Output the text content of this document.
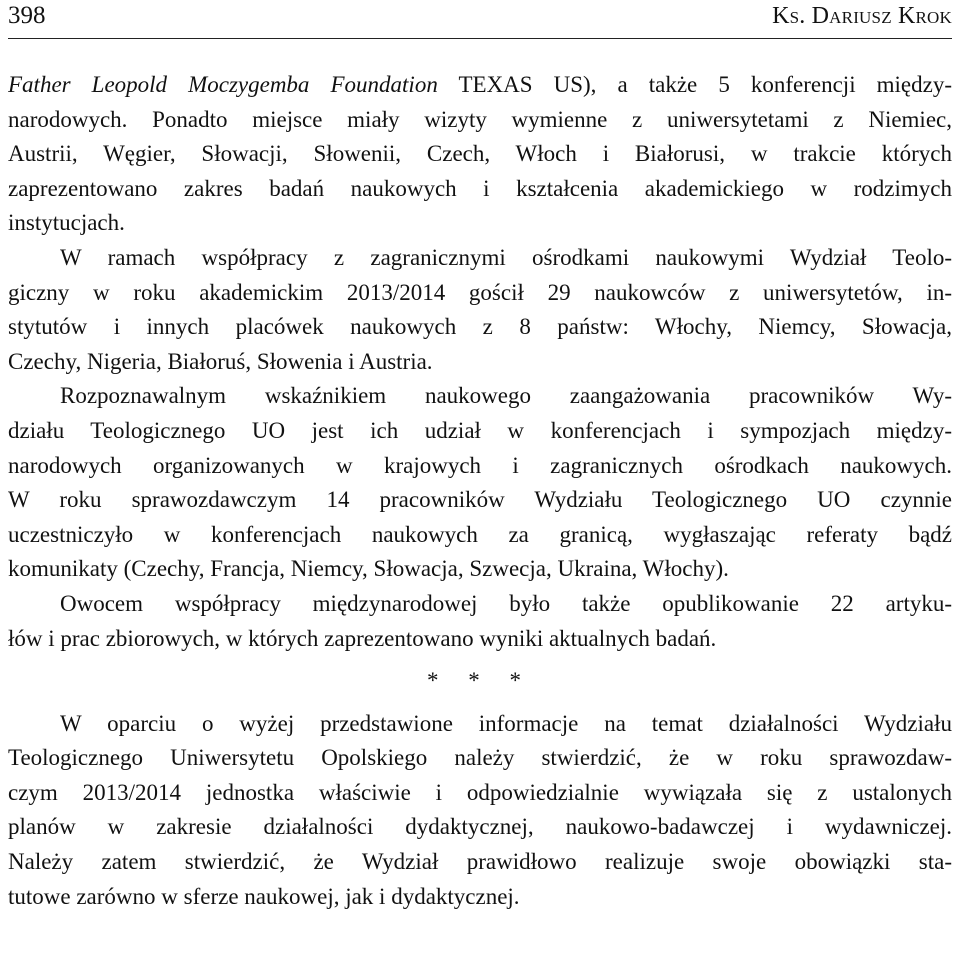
398	Ks. Dariusz Krok
Father Leopold Moczygemba Foundation TEXAS US), a także 5 konferencji między-
narodowych. Ponadto miejsce miały wizyty wymienne z uniwersytetami z Niemiec,
Austrii, Węgier, Słowacji, Słowenii, Czech, Włoch i Białorusi, w trakcie których
zaprezentowano zakres badań naukowych i kształcenia akademickiego w rodzimych
instytucjach.
W ramach współpracy z zagranicznymi ośrodkami naukowymi Wydział Teolo-
giczny w roku akademickim 2013/2014 gościł 29 naukowców z uniwersytetów, in-
stytutów i innych placówek naukowych z 8 państw: Włochy, Niemcy, Słowacja,
Czechy, Nigeria, Białoruś, Słowenia i Austria.
Rozpoznawalnym wskaźnikiem naukowego zaangażowania pracowników Wy-
działu Teologicznego UO jest ich udział w konferencjach i sympozjach między-
narodowych organizowanych w krajowych i zagranicznych ośrodkach naukowych.
W roku sprawozdawczym 14 pracowników Wydziału Teologicznego UO czynnie
uczestniczyło w konferencjach naukowych za granicą, wygłaszając referaty bądź
komunikaty (Czechy, Francja, Niemcy, Słowacja, Szwecja, Ukraina, Włochy).
Owocem współpracy międzynarodowej było także opublikowanie 22 artyku-
łów i prac zbiorowych, w których zaprezentowano wyniki aktualnych badań.
* * *
W oparciu o wyżej przedstawione informacje na temat działalności Wydziału
Teologicznego Uniwersytetu Opolskiego należy stwierdzić, że w roku sprawozdaw-
czym 2013/2014 jednostka właściwie i odpowiedzialnie wywiązała się z ustalonych
planów w zakresie działalności dydaktycznej, naukowo-badawczej i wydawniczej.
Należy zatem stwierdzić, że Wydział prawidłowo realizuje swoje obowiązki sta-
tutowe zarówno w sferze naukowej, jak i dydaktycznej.
